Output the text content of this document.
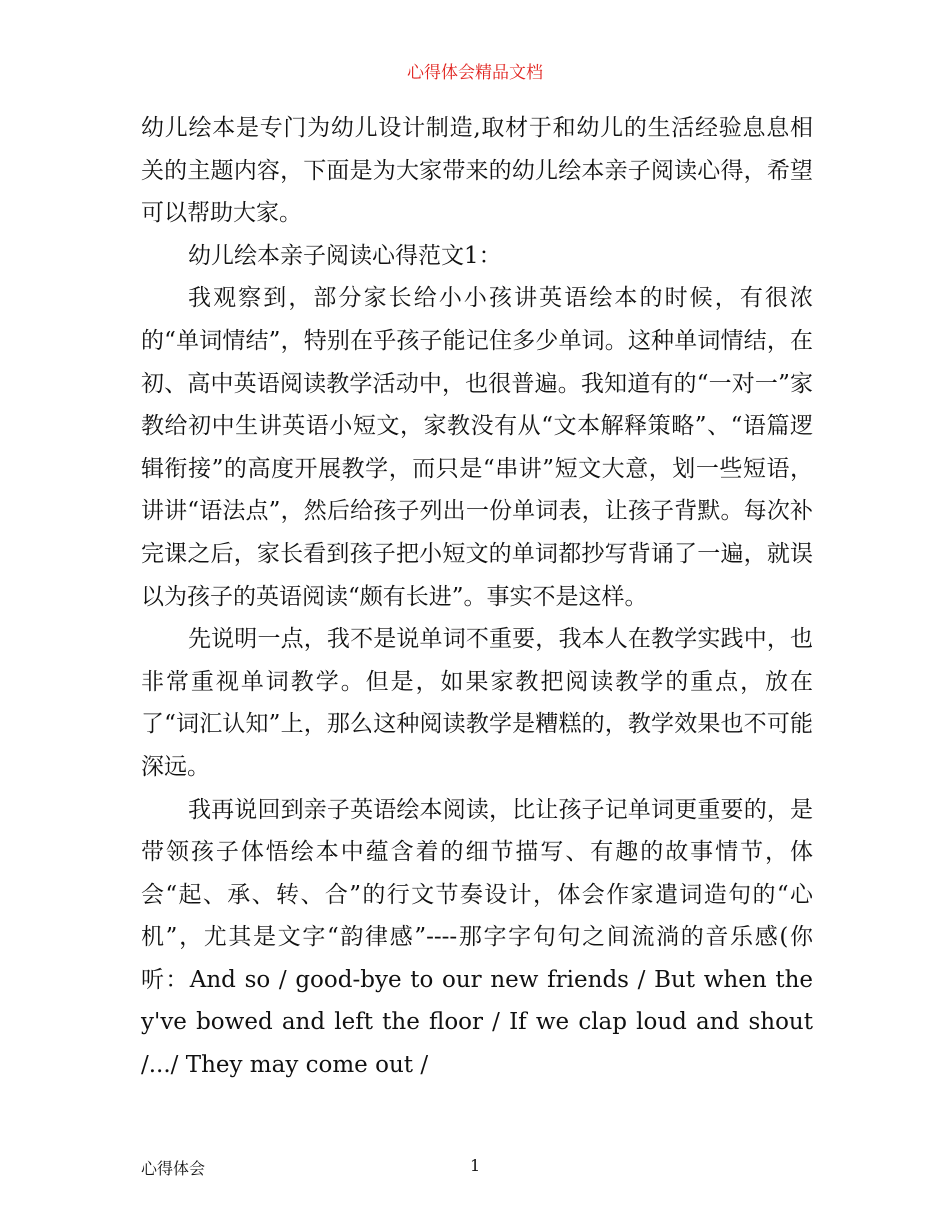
心得体会精品文档

幼儿绘本是专门为幼儿设计制造,取材于和幼儿的生活经验息息相关的主题内容，下面是为大家带来的幼儿绘本亲子阅读心得，希望可以帮助大家。

幼儿绘本亲子阅读心得范文1：

我观察到，部分家长给小小孩讲英语绘本的时候，有很浓的“单词情结”，特别在乎孩子能记住多少单词。这种单词情结，在初、高中英语阅读教学活动中，也很普遍。我知道有的“一对一”家教给初中生讲英语小短文，家教没有从“文本解释策略”、“语篇逻辑衔接”的高度开展教学，而只是“串讲”短文大意，划一些短语，讲讲“语法点”，然后给孩子列出一份单词表，让孩子背默。每次补完课之后，家长看到孩子把小短文的单词都抄写背诵了一遍，就误以为孩子的英语阅读“颇有长进”。事实不是这样。

先说明一点，我不是说单词不重要，我本人在教学实践中，也非常重视单词教学。但是，如果家教把阅读教学的重点，放在了“词汇认知”上，那么这种阅读教学是糟糕的，教学效果也不可能深远。

我再说回到亲子英语绘本阅读，比让孩子记单词更重要的，是带领孩子体悟绘本中蕴含着的细节描写、有趣的故事情节，体会“起、承、转、合”的行文节奏设计，体会作家遣词造句的“心机”，尤其是文字“韵律感”----那字字句句之间流淌的音乐感(你听：And so / good-bye to our new friends / But when they've bowed and left the floor / If we clap loud and shout /.../ They may come out /

心得体会	1
